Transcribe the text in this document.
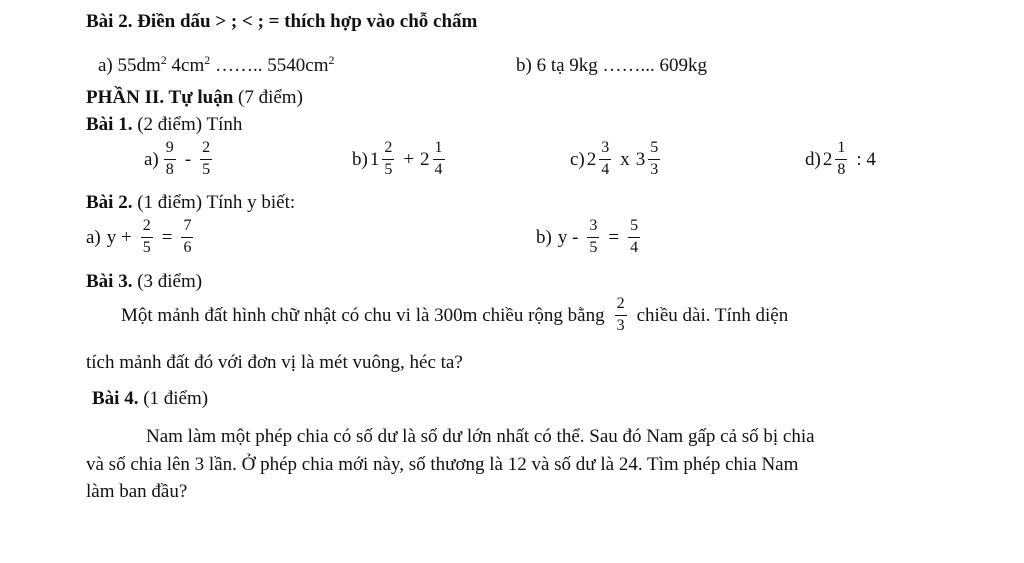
Bài 2. Điền dấu > ; < ; = thích hợp vào chỗ chấm
a) $55dm^2$ $4cm^2$ …….. $5540cm^2$	b) 6 tạ 9kg ……... 609kg
PHẦN II. Tự luận (7 điểm)
Bài 1. (2 điểm) Tính
$a) \frac{9}{8} - \frac{2}{5}$	b) $1 \frac{2}{5} + 2 \frac{1}{4}$	c) $2 \frac{3}{4}$ x $3 \frac{5}{3}$	d) $2 \frac{1}{8}$ : 4
Bài 2. (1 điểm) Tính y biết:
a) $y + \frac{2}{5} = \frac{7}{6}$	b) $y - \frac{3}{5} = \frac{5}{4}$
Bài 3. (3 điểm)
Một mảnh đất hình chữ nhật có chu vi là 300m chiều rộng bằng $\frac{2}{3}$ chiều dài. Tính diện
tích mảnh đất đó với đơn vị là mét vuông, héc ta?
Bài 4. (1 điểm)
Nam làm một phép chia có số dư là số dư lớn nhất có thể. Sau đó Nam gấp cả số bị chia
và số chia lên 3 lần. Ở phép chia mới này, số thương là 12 và số dư là 24. Tìm phép chia Nam
làm ban đầu?
